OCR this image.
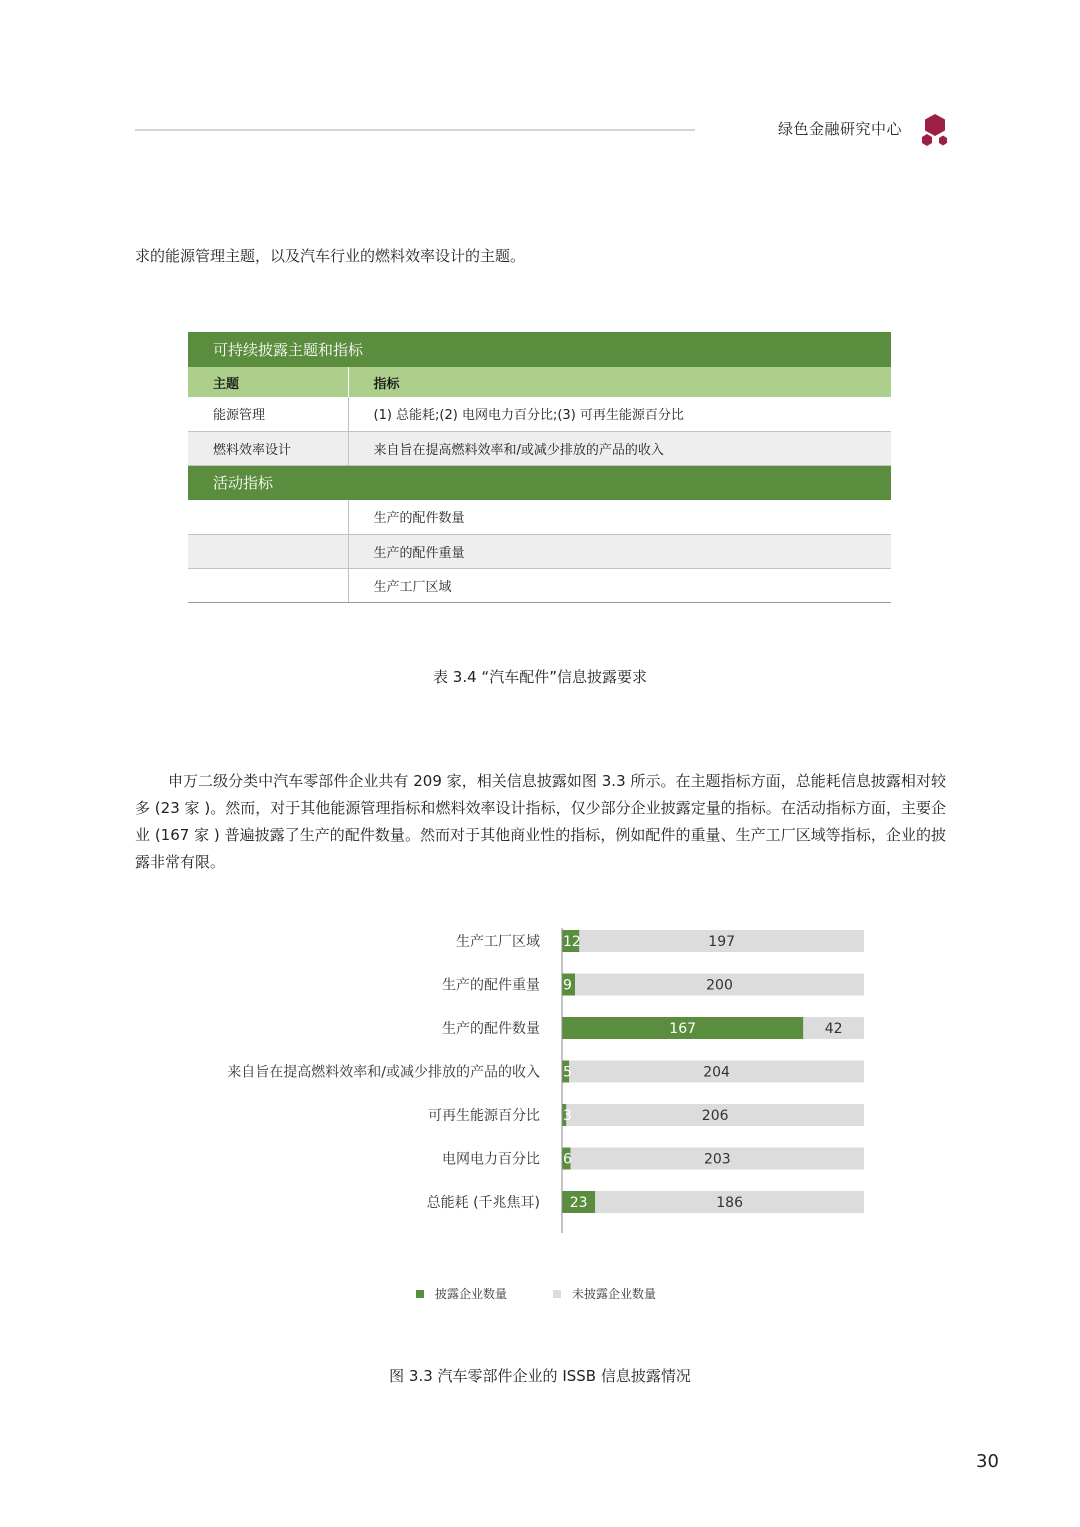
绿色金融研究中心
求的能源管理主题，以及汽车行业的燃料效率设计的主题。
可持续披露主题和指标	
主题	指标
能源管理	(1) 总能耗;(2) 电网电力百分比;(3) 可再生能源百分比
燃料效率设计	来自旨在提高燃料效率和/或减少排放的产品的收入
活动指标	
	生产的配件数量
	生产的配件重量
	生产工厂区域
表 3.4 “汽车配件”信息披露要求
申万二级分类中汽车零部件企业共有 209 家，相关信息披露如图 3.3 所示。在主题指标方面，总能耗信息披露相对较多 (23 家 )。然而，对于其他能源管理指标和燃料效率设计指标，仅少部分企业披露定量的指标。在活动指标方面，主要企业 (167 家 ) 普遍披露了生产的配件数量。然而对于其他商业性的指标，例如配件的重量、生产工厂区域等指标，企业的披露非常有限。
生产工厂区域 12	197
生产的配件重量 9	200
生产的配件数量	167	42
来自旨在提高燃料效率和/或减少排放的产品的收入 5	204
可再生能源百分比 3	206
电网电力百分比 6	203
总能耗 (千兆焦耳) 23	186
披露企业数量	未披露企业数量
图 3.3 汽车零部件企业的 ISSB 信息披露情况
30
